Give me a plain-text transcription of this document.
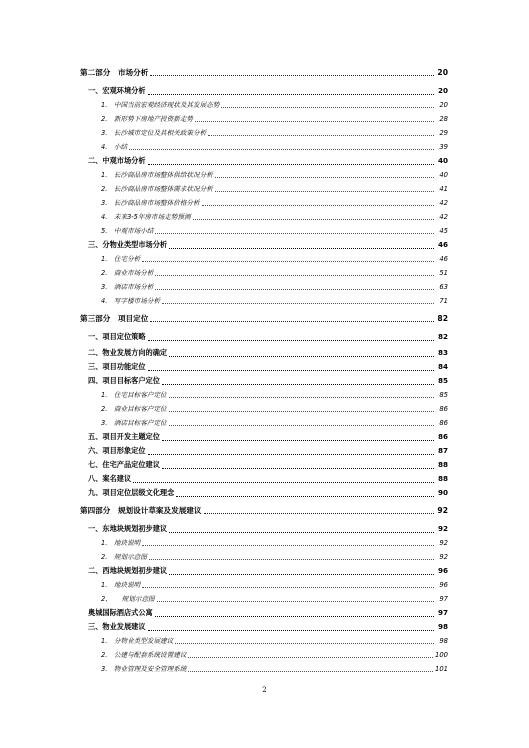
第二部分　市场分析	20
一、宏观环境分析	20
1.　中国当前宏观经济现状及其发展态势	20
2.　新形势下房地产投资新走势	28
3.　长沙城市定位及其相关政策分析	29
4.　小结	39
二、中观市场分析	40
1.　长沙商品房市场整体供给状况分析	40
2.　长沙商品房市场整体需求状况分析	41
3.　长沙商品房市场整体价格分析	42
4.　未来3-5年房市场走势预测	42
5.　中观市场小结	45
三、分物业类型市场分析	46
1.　住宅分析	46
2.　商业市场分析	51
3.　酒店市场分析	63
4.　写字楼市场分析	71
第三部分　项目定位	82
一、项目定位策略	82
二、物业发展方向的确定	83
三、项目功能定位	84
四、项目目标客户定位	85
1.　住宅目标客户定位	85
2.　商业目标客户定位	86
3.　酒店目标客户定位	86
五、项目开发主题定位	86
六、项目形象定位	87
七、住宅产品定位建议	88
八、案名建议	88
九、项目定位层级文化理念	90
第四部分　规划设计草案及发展建议	92
一、东地块规划初步建议	92
1.　地块说明	92
2.　规划示意图	92
二、西地块规划初步建议	96
1.　地块说明	96
2、　　规划示意图	97
奥城国际酒店式公寓	97
三、物业发展建议	98
1.　分物业类型发展建议	98
2.　公建与配套系统设置建议	100
3.　物业管理及安全管理系统	101
2
